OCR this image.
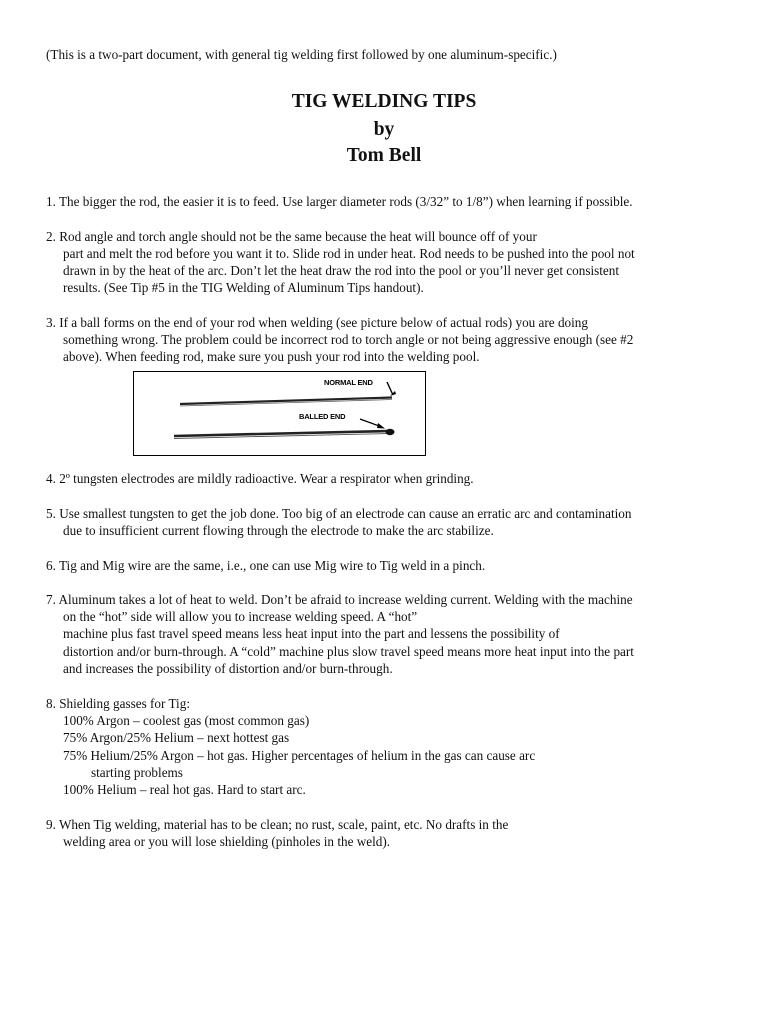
(This is a two-part document, with general tig welding first followed by one aluminum-specific.)
TIG WELDING TIPS
by
Tom Bell
1. The bigger the rod, the easier it is to feed. Use larger diameter rods (3/32” to 1/8”) when learning if possible.
2. Rod angle and torch angle should not be the same because the heat will bounce off of your
part and melt the rod before you want it to. Slide rod in under heat. Rod needs to be pushed into the pool not
drawn in by the heat of the arc. Don’t let the heat draw the rod into the pool or you’ll never get consistent
results. (See Tip #5 in the TIG Welding of Aluminum Tips handout).
3. If a ball forms on the end of your rod when welding (see picture below of actual rods) you are doing
something wrong. The problem could be incorrect rod to torch angle or not being aggressive enough (see #2
above). When feeding rod, make sure you push your rod into the welding pool.
NORMAL END
BALLED END
4. 2º tungsten electrodes are mildly radioactive. Wear a respirator when grinding.
5. Use smallest tungsten to get the job done. Too big of an electrode can cause an erratic arc and contamination
due to insufficient current flowing through the electrode to make the arc stabilize.
6. Tig and Mig wire are the same, i.e., one can use Mig wire to Tig weld in a pinch.
7. Aluminum takes a lot of heat to weld. Don’t be afraid to increase welding current. Welding with the machine
on the “hot” side will allow you to increase welding speed. A “hot”
machine plus fast travel speed means less heat input into the part and lessens the possibility of
distortion and/or burn-through. A “cold” machine plus slow travel speed means more heat input into the part
and increases the possibility of distortion and/or burn-through.
8. Shielding gasses for Tig:
100% Argon – coolest gas (most common gas)
75% Argon/25% Helium – next hottest gas
75% Helium/25% Argon – hot gas. Higher percentages of helium in the gas can cause arc
starting problems
100% Helium – real hot gas. Hard to start arc.
9. When Tig welding, material has to be clean; no rust, scale, paint, etc. No drafts in the
welding area or you will lose shielding (pinholes in the weld).
